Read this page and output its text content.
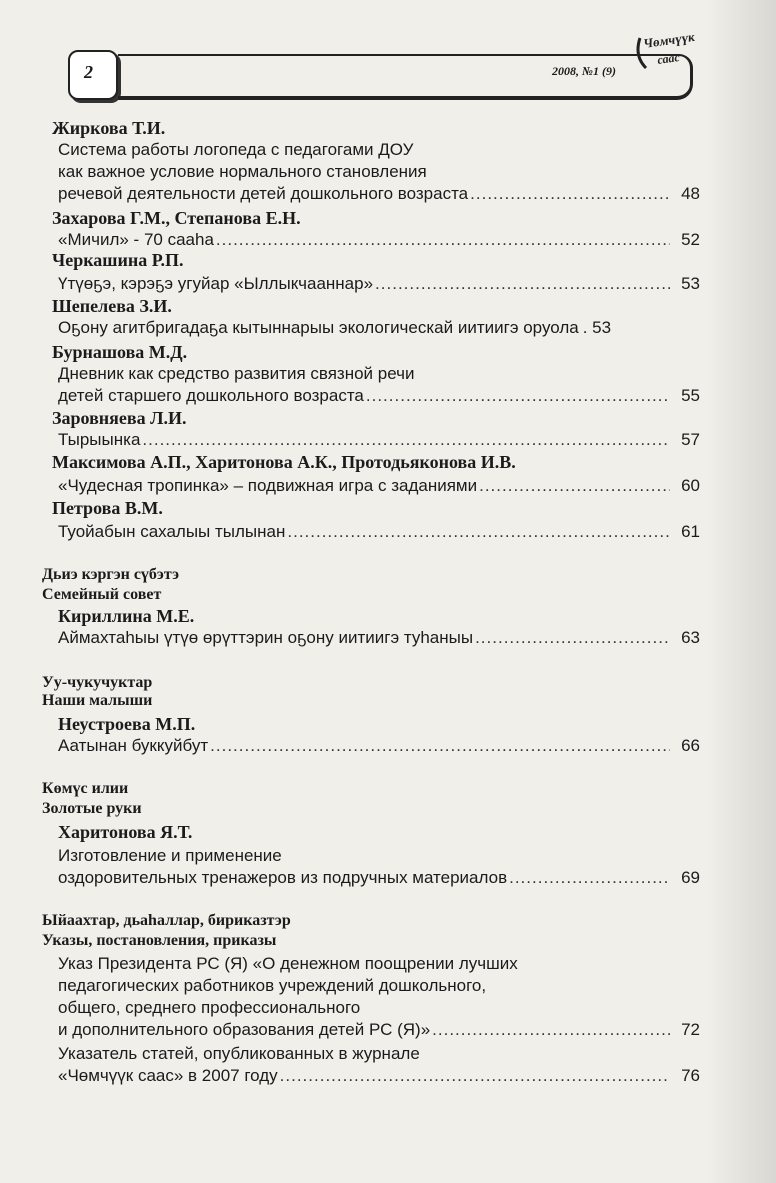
2	2008, №1 (9)
Чөмчүүк
саас
Жиркова Т.И.
Система работы логопеда с педагогами ДОУ
как важное условие нормального становления
речевой деятельности детей дошкольного возраста .....	48
Захарова Г.М., Степанова Е.Н.
«Мичил» - 70 сааһа .....	52
Черкашина Р.П.
Үтүөҕэ, кэрэҕэ угуйар «Ыллыкчааннар» .....	53
Шепелева З.И.
Оҕону агитбригадаҕа кытыннарыы экологическай иитиигэ оруола . 53
Бурнашова М.Д.
Дневник как средство развития связной речи
детей старшего дошкольного возраста .....	55
Заровняева Л.И.
Тырыынка .....	57
Максимова А.П., Харитонова А.К., Протодьяконова И.В.
«Чудесная тропинка» – подвижная игра с заданиями .....	60
Петрова В.М.
Туойабын сахалыы тылынан .....	61
Дьиэ кэргэн сүбэтэ
Семейный совет
Кириллина М.Е.
Аймахтаһыы үтүө өрүттэрин оҕону иитиигэ туһаныы .....	63
Уу-чукучуктар
Наши малыши
Неустроева М.П.
Аатынан буккуйбут .....	66
Көмүс илии
Золотые руки
Харитонова Я.Т.
Изготовление и применение
оздоровительных тренажеров из подручных материалов .....	69
Ыйаахтар, дьаһаллар, бириказтэр
Указы, постановления, приказы
Указ Президента РС (Я) «О денежном поощрении лучших
педагогических работников учреждений дошкольного,
общего, среднего профессионального
и дополнительного образования детей РС (Я)» .....	72
Указатель статей, опубликованных в журнале
«Чөмчүүк саас» в 2007 году .....	76
